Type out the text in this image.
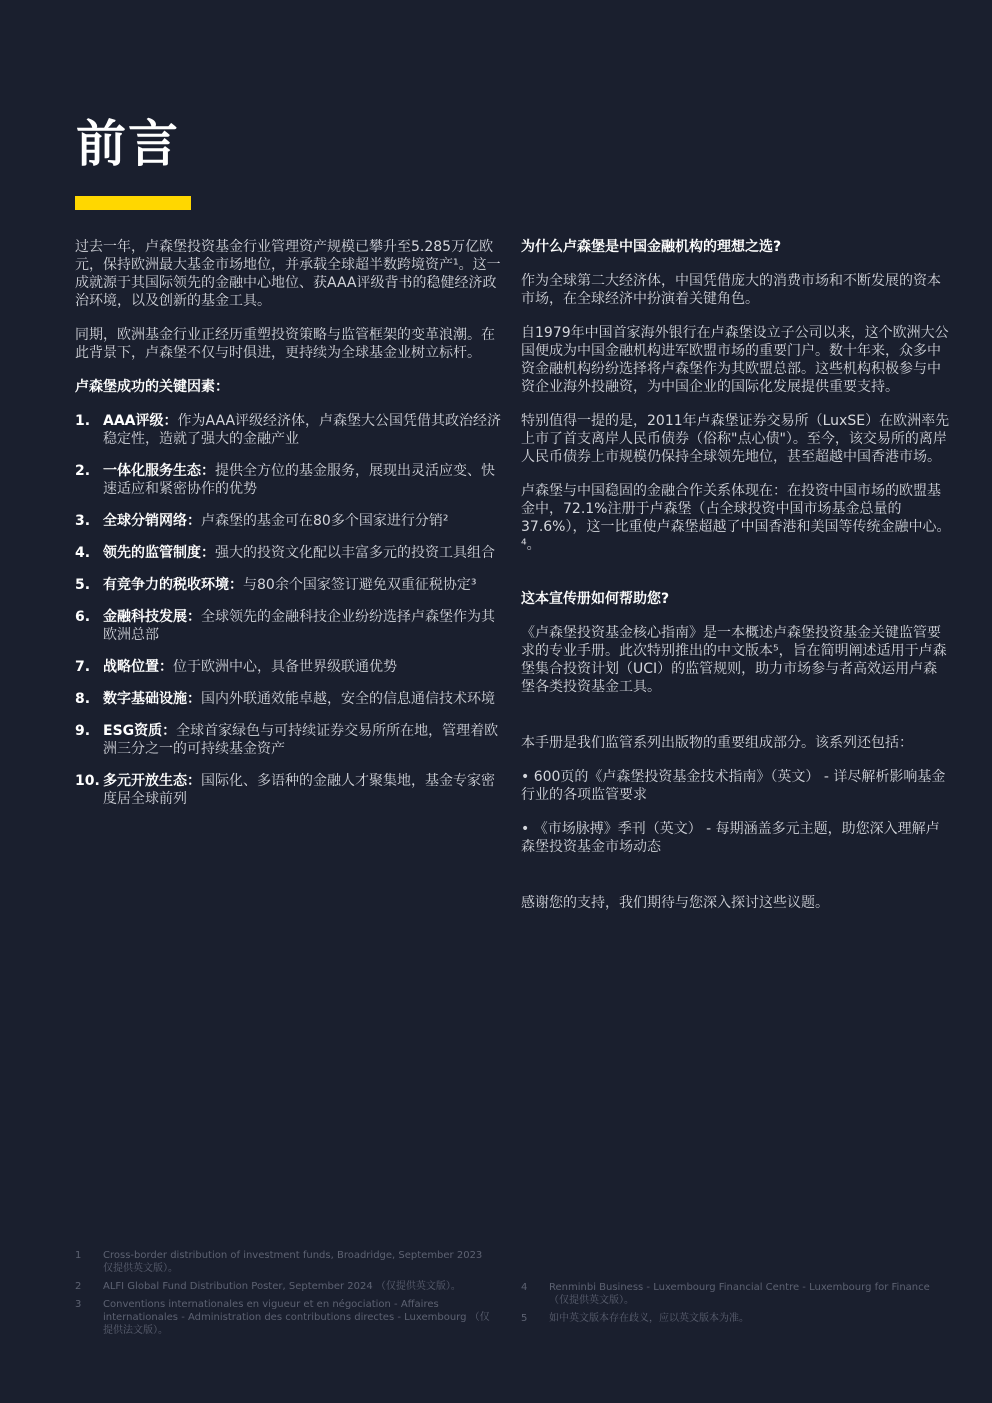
前言

过去一年，卢森堡投资基金行业管理资产规模已攀升至5.285万亿欧元，保持欧洲最大基金市场地位，并承载全球超半数跨境资产¹。这一成就源于其国际领先的金融中心地位、获AAA评级背书的稳健经济政治环境，以及创新的基金工具。

同期，欧洲基金行业正经历重塑投资策略与监管框架的变革浪潮。在此背景下，卢森堡不仅与时俱进，更持续为全球基金业树立标杆。

卢森堡成功的关键因素：

1. AAA评级：作为AAA评级经济体，卢森堡大公国凭借其政治经济稳定性，造就了强大的金融产业
2. 一体化服务生态：提供全方位的基金服务，展现出灵活应变、快速适应和紧密协作的优势
3. 全球分销网络：卢森堡的基金可在80多个国家进行分销²
4. 领先的监管制度：强大的投资文化配以丰富多元的投资工具组合
5. 有竞争力的税收环境：与80余个国家签订避免双重征税协定³
6. 金融科技发展：全球领先的金融科技企业纷纷选择卢森堡作为其欧洲总部
7. 战略位置：位于欧洲中心，具备世界级联通优势
8. 数字基础设施：国内外联通效能卓越，安全的信息通信技术环境
9. ESG资质：全球首家绿色与可持续证券交易所所在地，管理着欧洲三分之一的可持续基金资产
10. 多元开放生态：国际化、多语种的金融人才聚集地，基金专家密度居全球前列

为什么卢森堡是中国金融机构的理想之选?

作为全球第二大经济体，中国凭借庞大的消费市场和不断发展的资本市场，在全球经济中扮演着关键角色。

自1979年中国首家海外银行在卢森堡设立子公司以来，这个欧洲大公国便成为中国金融机构进军欧盟市场的重要门户。数十年来，众多中资金融机构纷纷选择将卢森堡作为其欧盟总部。这些机构积极参与中资企业海外投融资，为中国企业的国际化发展提供重要支持。

特别值得一提的是，2011年卢森堡证券交易所（LuxSE）在欧洲率先上市了首支离岸人民币债券（俗称"点心债"）。至今，该交易所的离岸人民币债券上市规模仍保持全球领先地位，甚至超越中国香港市场。

卢森堡与中国稳固的金融合作关系体现在：在投资中国市场的欧盟基金中，72.1%注册于卢森堡（占全球投资中国市场基金总量的37.6%），这一比重使卢森堡超越了中国香港和美国等传统金融中心。⁴。

这本宣传册如何帮助您?

《卢森堡投资基金核心指南》是一本概述卢森堡投资基金关键监管要求的专业手册。此次特别推出的中文版本⁵，旨在简明阐述适用于卢森堡集合投资计划（UCI）的监管规则，助力市场参与者高效运用卢森堡各类投资基金工具。

本手册是我们监管系列出版物的重要组成部分。该系列还包括：

• 600页的《卢森堡投资基金技术指南》（英文） - 详尽解析影响基金行业的各项监管要求

• 《市场脉搏》季刊（英文） - 每期涵盖多元主题，助您深入理解卢森堡投资基金市场动态

感谢您的支持，我们期待与您深入探讨这些议题。

1 Cross-border distribution of investment funds, Broadridge, September 2023 仅提供英文版）。
2 ALFI Global Fund Distribution Poster, September 2024 （仅提供英文版）。
3 Conventions internationales en vigueur et en négociation - Affaires internationales - Administration des contributions directes - Luxembourg （仅提供法文版）。
4 Renminbi Business - Luxembourg Financial Centre - Luxembourg for Finance （仅提供英文版）。
5 如中英文版本存在歧义，应以英文版本为准。
